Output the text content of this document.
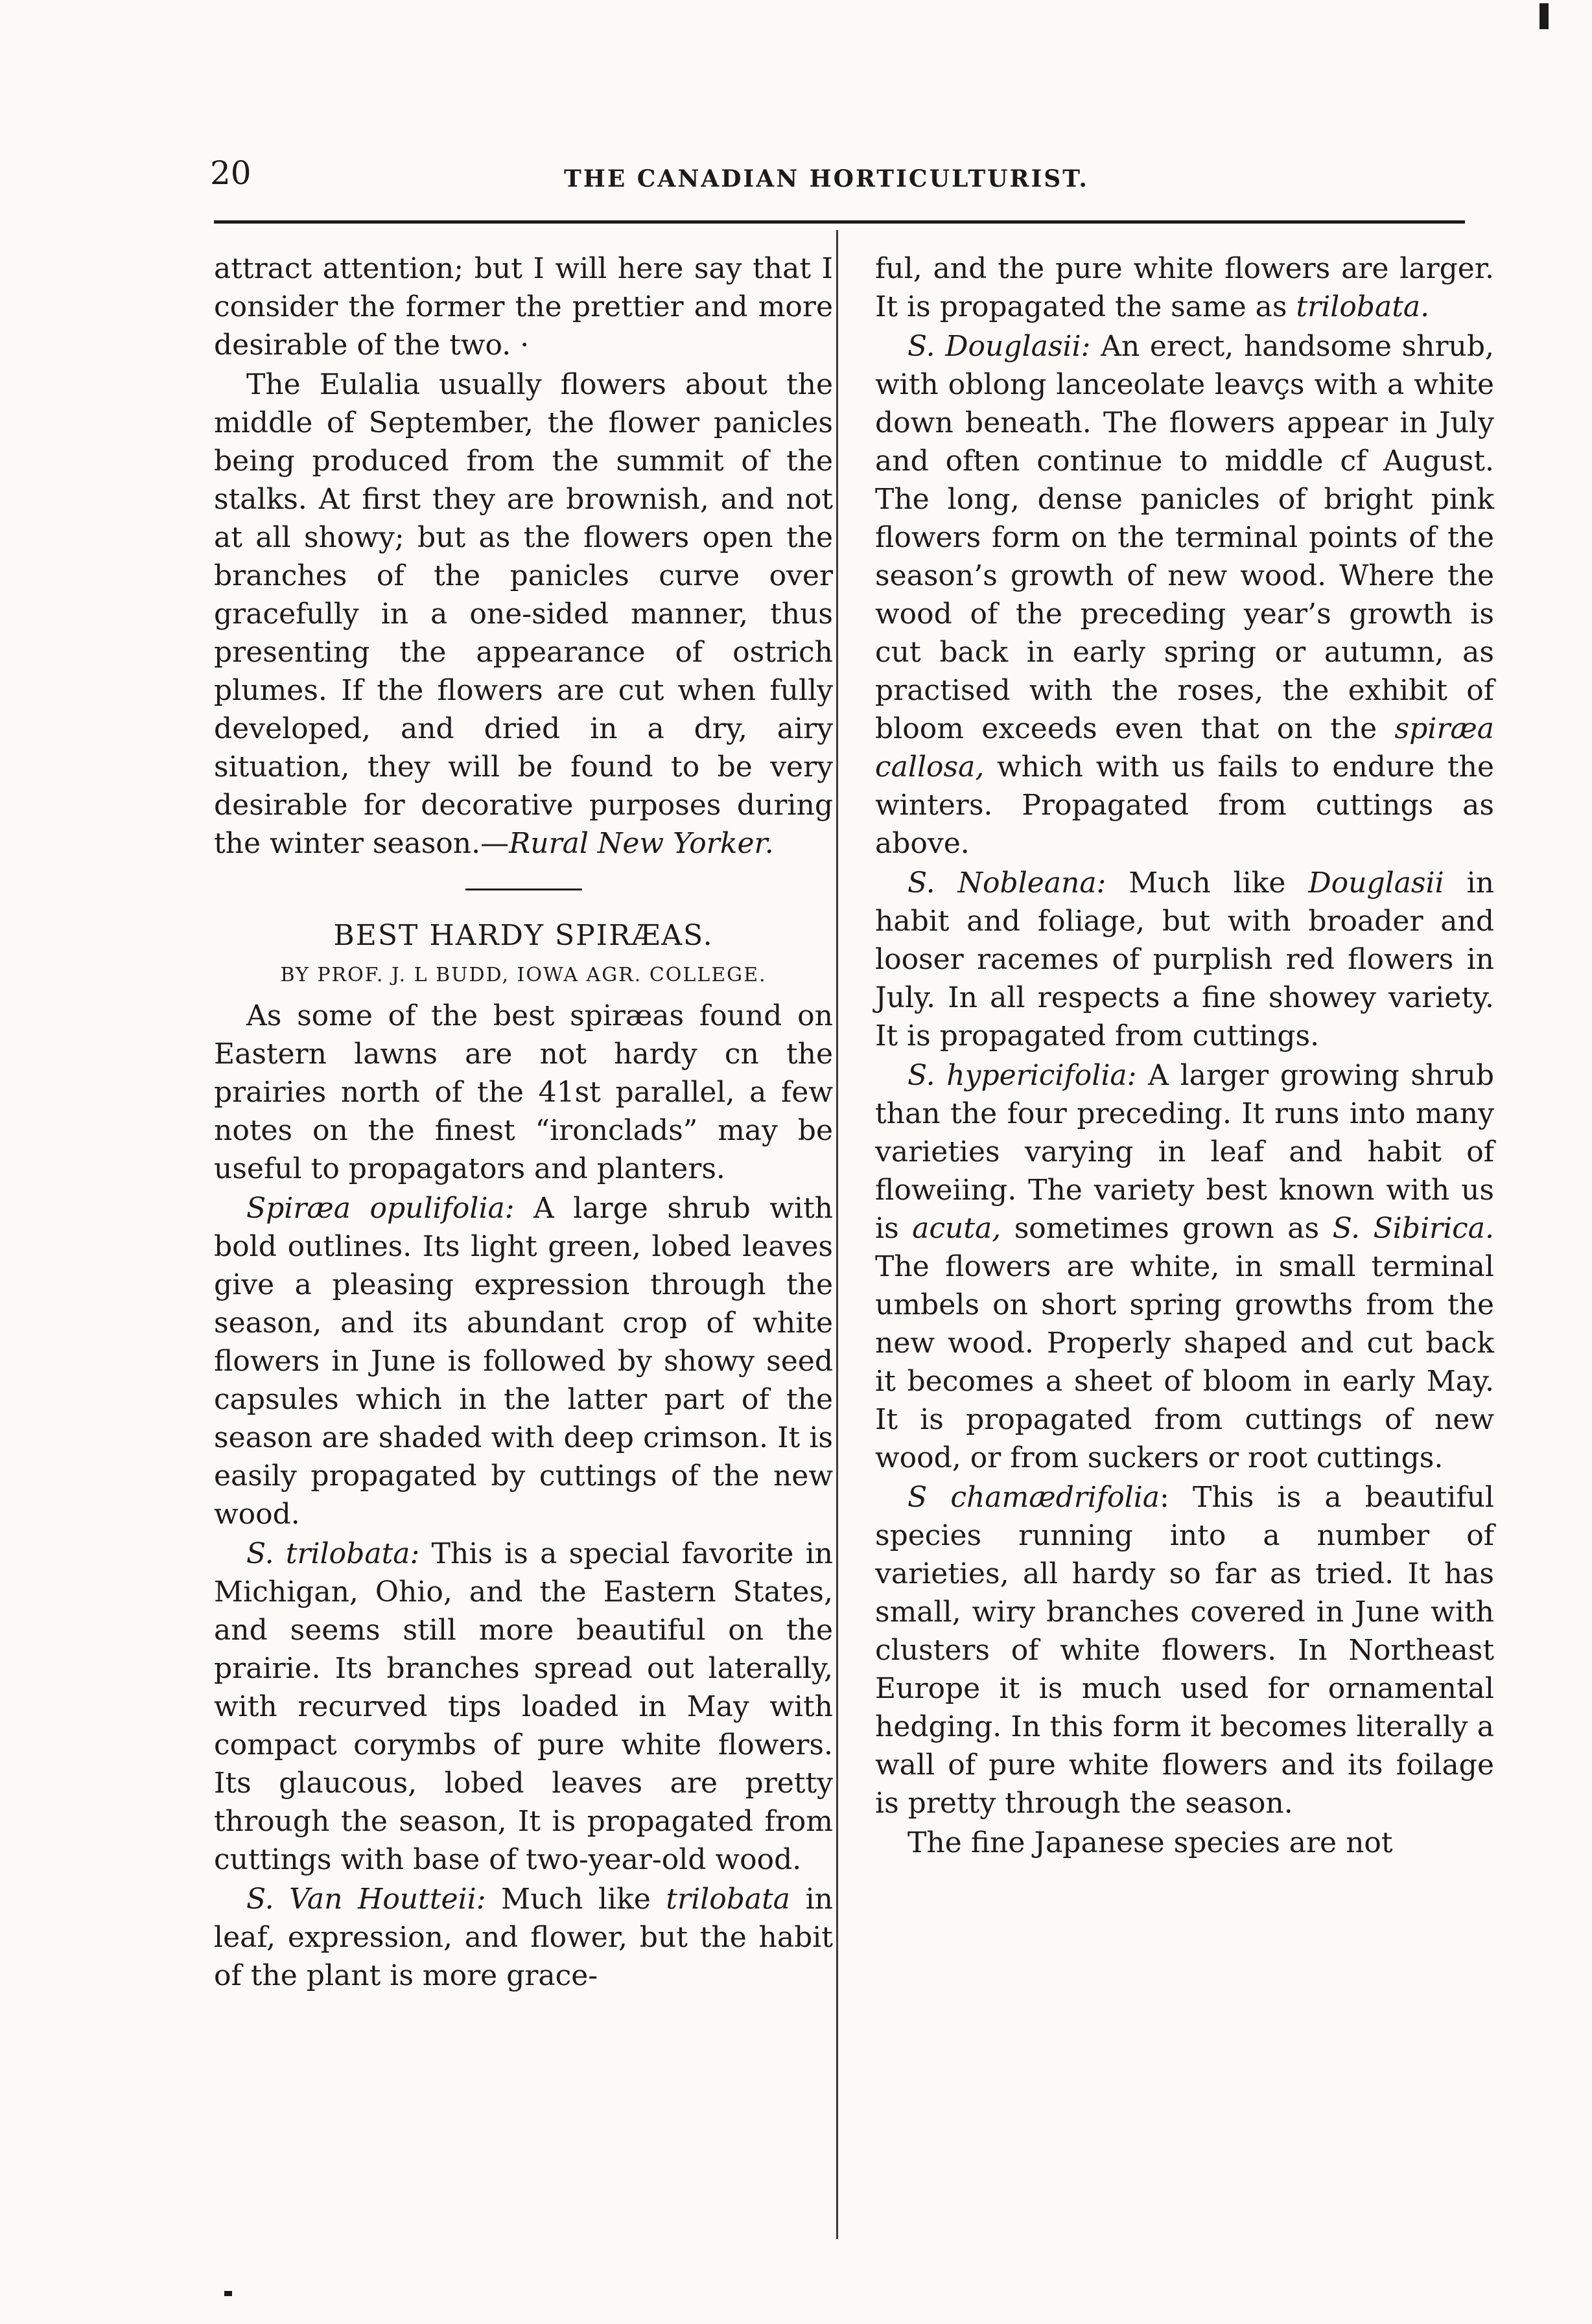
20	THE CANADIAN HORTICULTURIST.

attract attention; but I will here say that I consider the former the prettier and more desirable of the two. ·

The Eulalia usually flowers about the middle of September, the flower panicles being produced from the summit of the stalks. At first they are brownish, and not at all showy; but as the flowers open the branches of the panicles curve over gracefully in a one-sided manner, thus presenting the appearance of ostrich plumes. If the flowers are cut when fully developed, and dried in a dry, airy situation, they will be found to be very desirable for decorative purposes during the winter season.—Rural New Yorker.

BEST HARDY SPIRÆAS.
BY PROF. J. L BUDD, IOWA AGR. COLLEGE.

As some of the best spiræas found on Eastern lawns are not hardy cn the prairies north of the 41st parallel, a few notes on the finest “ironclads” may be useful to propagators and planters.

Spiræa opulifolia: A large shrub with bold outlines. Its light green, lobed leaves give a pleasing expression through the season, and its abundant crop of white flowers in June is followed by showy seed capsules which in the latter part of the season are shaded with deep crimson. It is easily propagated by cuttings of the new wood.

S. trilobata: This is a special favorite in Michigan, Ohio, and the Eastern States, and seems still more beautiful on the prairie. Its branches spread out laterally, with recurved tips loaded in May with compact corymbs of pure white flowers. Its glaucous, lobed leaves are pretty through the season, It is propagated from cuttings with base of two-year-old wood.

S. Van Houtteii: Much like trilobata in leaf, expression, and flower, but the habit of the plant is more grace-

ful, and the pure white flowers are larger. It is propagated the same as trilobata.

S. Douglasii: An erect, handsome shrub, with oblong lanceolate leavçs with a white down beneath. The flowers appear in July and often continue to middle cf August. The long, dense panicles of bright pink flowers form on the terminal points of the season’s growth of new wood. Where the wood of the preceding year’s growth is cut back in early spring or autumn, as practised with the roses, the exhibit of bloom exceeds even that on the spiræa callosa, which with us fails to endure the winters. Propagated from cuttings as above.

S. Nobleana: Much like Douglasii in habit and foliage, but with broader and looser racemes of purplish red flowers in July. In all respects a fine showey variety. It is propagated from cuttings.

S. hypericifolia: A larger growing shrub than the four preceding. It runs into many varieties varying in leaf and habit of floweiing. The variety best known with us is acuta, sometimes grown as S. Sibirica. The flowers are white, in small terminal umbels on short spring growths from the new wood. Properly shaped and cut back it becomes a sheet of bloom in early May. It is propagated from cuttings of new wood, or from suckers or root cuttings.

S chamædrifolia: This is a beautiful species running into a number of varieties, all hardy so far as tried. It has small, wiry branches covered in June with clusters of white flowers. In Northeast Europe it is much used for ornamental hedging. In this form it becomes literally a wall of pure white flowers and its foilage is pretty through the season.

The fine Japanese species are not
